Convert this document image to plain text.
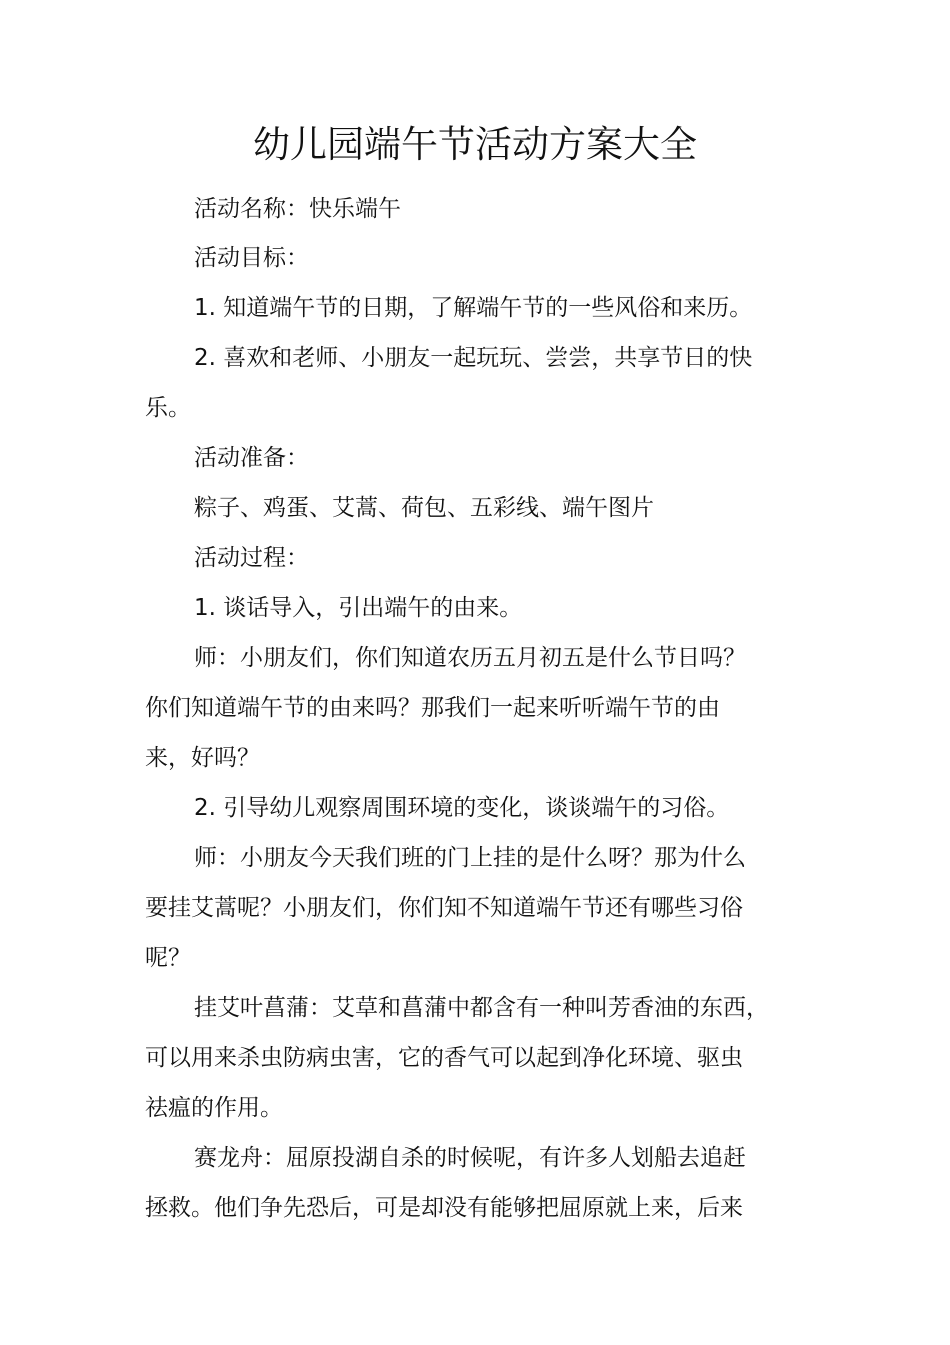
幼儿园端午节活动方案大全
活动名称：快乐端午
活动目标：
1. 知道端午节的日期，了解端午节的一些风俗和来历。
2. 喜欢和老师、小朋友一起玩玩、尝尝，共享节日的快
乐。
活动准备：
粽子、鸡蛋、艾蒿、荷包、五彩线、端午图片
活动过程：
1. 谈话导入，引出端午的由来。
师：小朋友们，你们知道农历五月初五是什么节日吗？
你们知道端午节的由来吗？那我们一起来听听端午节的由
来，好吗？
2. 引导幼儿观察周围环境的变化，谈谈端午的习俗。
师：小朋友今天我们班的门上挂的是什么呀？那为什么
要挂艾蒿呢？小朋友们，你们知不知道端午节还有哪些习俗
呢？
挂艾叶菖蒲：艾草和菖蒲中都含有一种叫芳香油的东西，
可以用来杀虫防病虫害，它的香气可以起到净化环境、驱虫
祛瘟的作用。
赛龙舟：屈原投湖自杀的时候呢，有许多人划船去追赶
拯救。他们争先恐后，可是却没有能够把屈原就上来，后来
